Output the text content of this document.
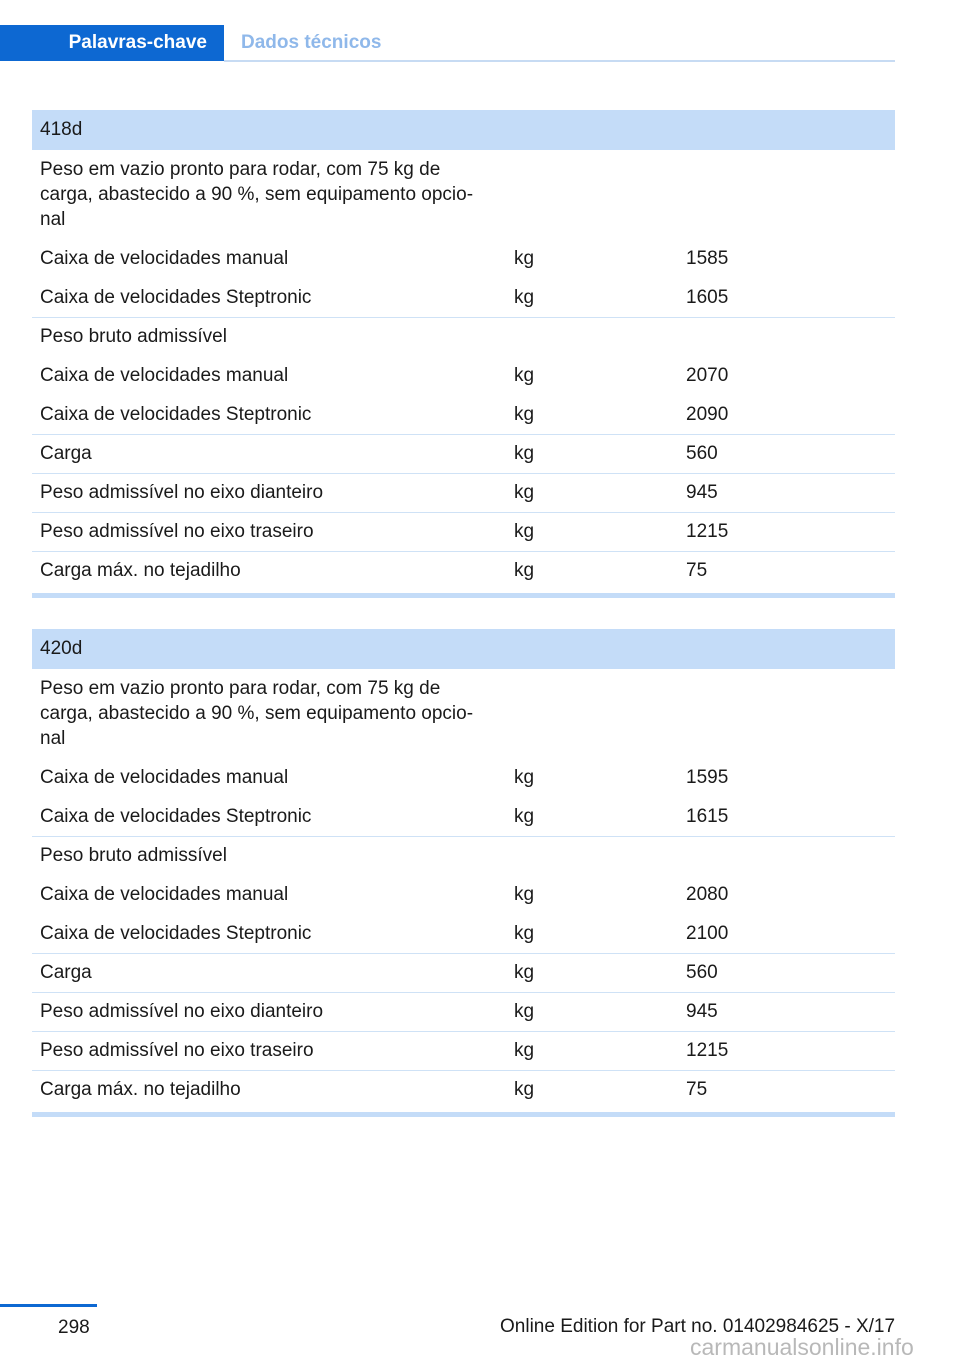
Palavras-chave	Dados técnicos
418d
Peso em vazio pronto para rodar, com 75 kg de carga, abastecido a 90 %, sem equipamento opcio-nal
Caixa de velocidades manual	kg	1585
Caixa de velocidades Steptronic	kg	1605
Peso bruto admissível
Caixa de velocidades manual	kg	2070
Caixa de velocidades Steptronic	kg	2090
Carga	kg	560
Peso admissível no eixo dianteiro	kg	945
Peso admissível no eixo traseiro	kg	1215
Carga máx. no tejadilho	kg	75
420d
Peso em vazio pronto para rodar, com 75 kg de carga, abastecido a 90 %, sem equipamento opcio-nal
Caixa de velocidades manual	kg	1595
Caixa de velocidades Steptronic	kg	1615
Peso bruto admissível
Caixa de velocidades manual	kg	2080
Caixa de velocidades Steptronic	kg	2100
Carga	kg	560
Peso admissível no eixo dianteiro	kg	945
Peso admissível no eixo traseiro	kg	1215
Carga máx. no tejadilho	kg	75
298	Online Edition for Part no. 01402984625 - X/17
carmanualsonline.info
